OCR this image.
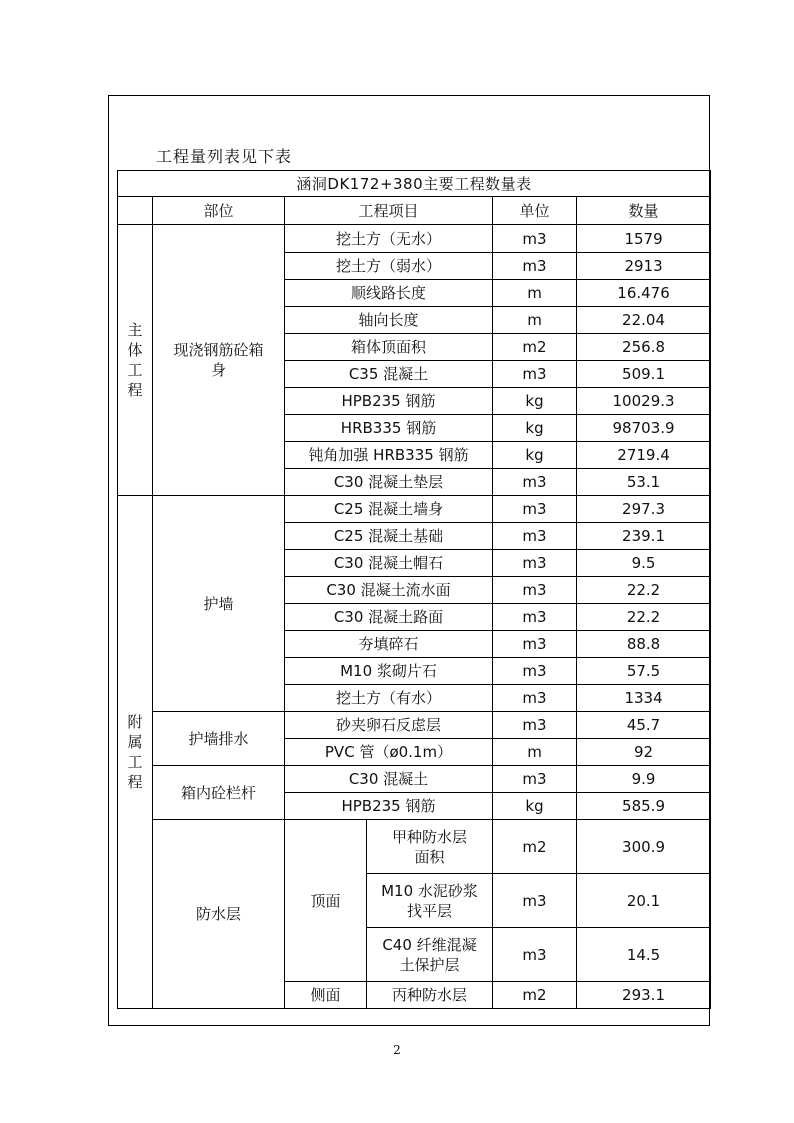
工程量列表见下表
涵洞DK172+380主要工程数量表					
	部位	工程项目		单位	数量
主
体
工
程	现浇钢筋砼箱
身	挖土方（无水）		m3	1579
		挖土方（弱水）		m3	2913
		顺线路长度		m	16.476
		轴向长度		m	22.04
		箱体顶面积		m2	256.8
		C35 混凝土		m3	509.1
		HPB235 钢筋		kg	10029.3
		HRB335 钢筋		kg	98703.9
		钝角加强 HRB335 钢筋		kg	2719.4
		C30 混凝土垫层		m3	53.1
附
属
工
程	护墙	C25 混凝土墙身		m3	297.3
		C25 混凝土基础		m3	239.1
		C30 混凝土帽石		m3	9.5
		C30 混凝土流水面		m3	22.2
		C30 混凝土路面		m3	22.2
		夯填碎石		m3	88.8
		M10 浆砌片石		m3	57.5
		挖土方（有水）		m3	1334
	护墙排水	砂夹卵石反虑层		m3	45.7
		PVC 管（ø0.1m）		m	92
	箱内砼栏杆	C30 混凝土		m3	9.9
		HPB235 钢筋		kg	585.9
	防水层	顶面	甲种防水层
面积	m2	300.9
			M10 水泥砂浆
找平层	m3	20.1
			C40 纤维混凝
土保护层	m3	14.5
		侧面	丙种防水层	m2	293.1
2
